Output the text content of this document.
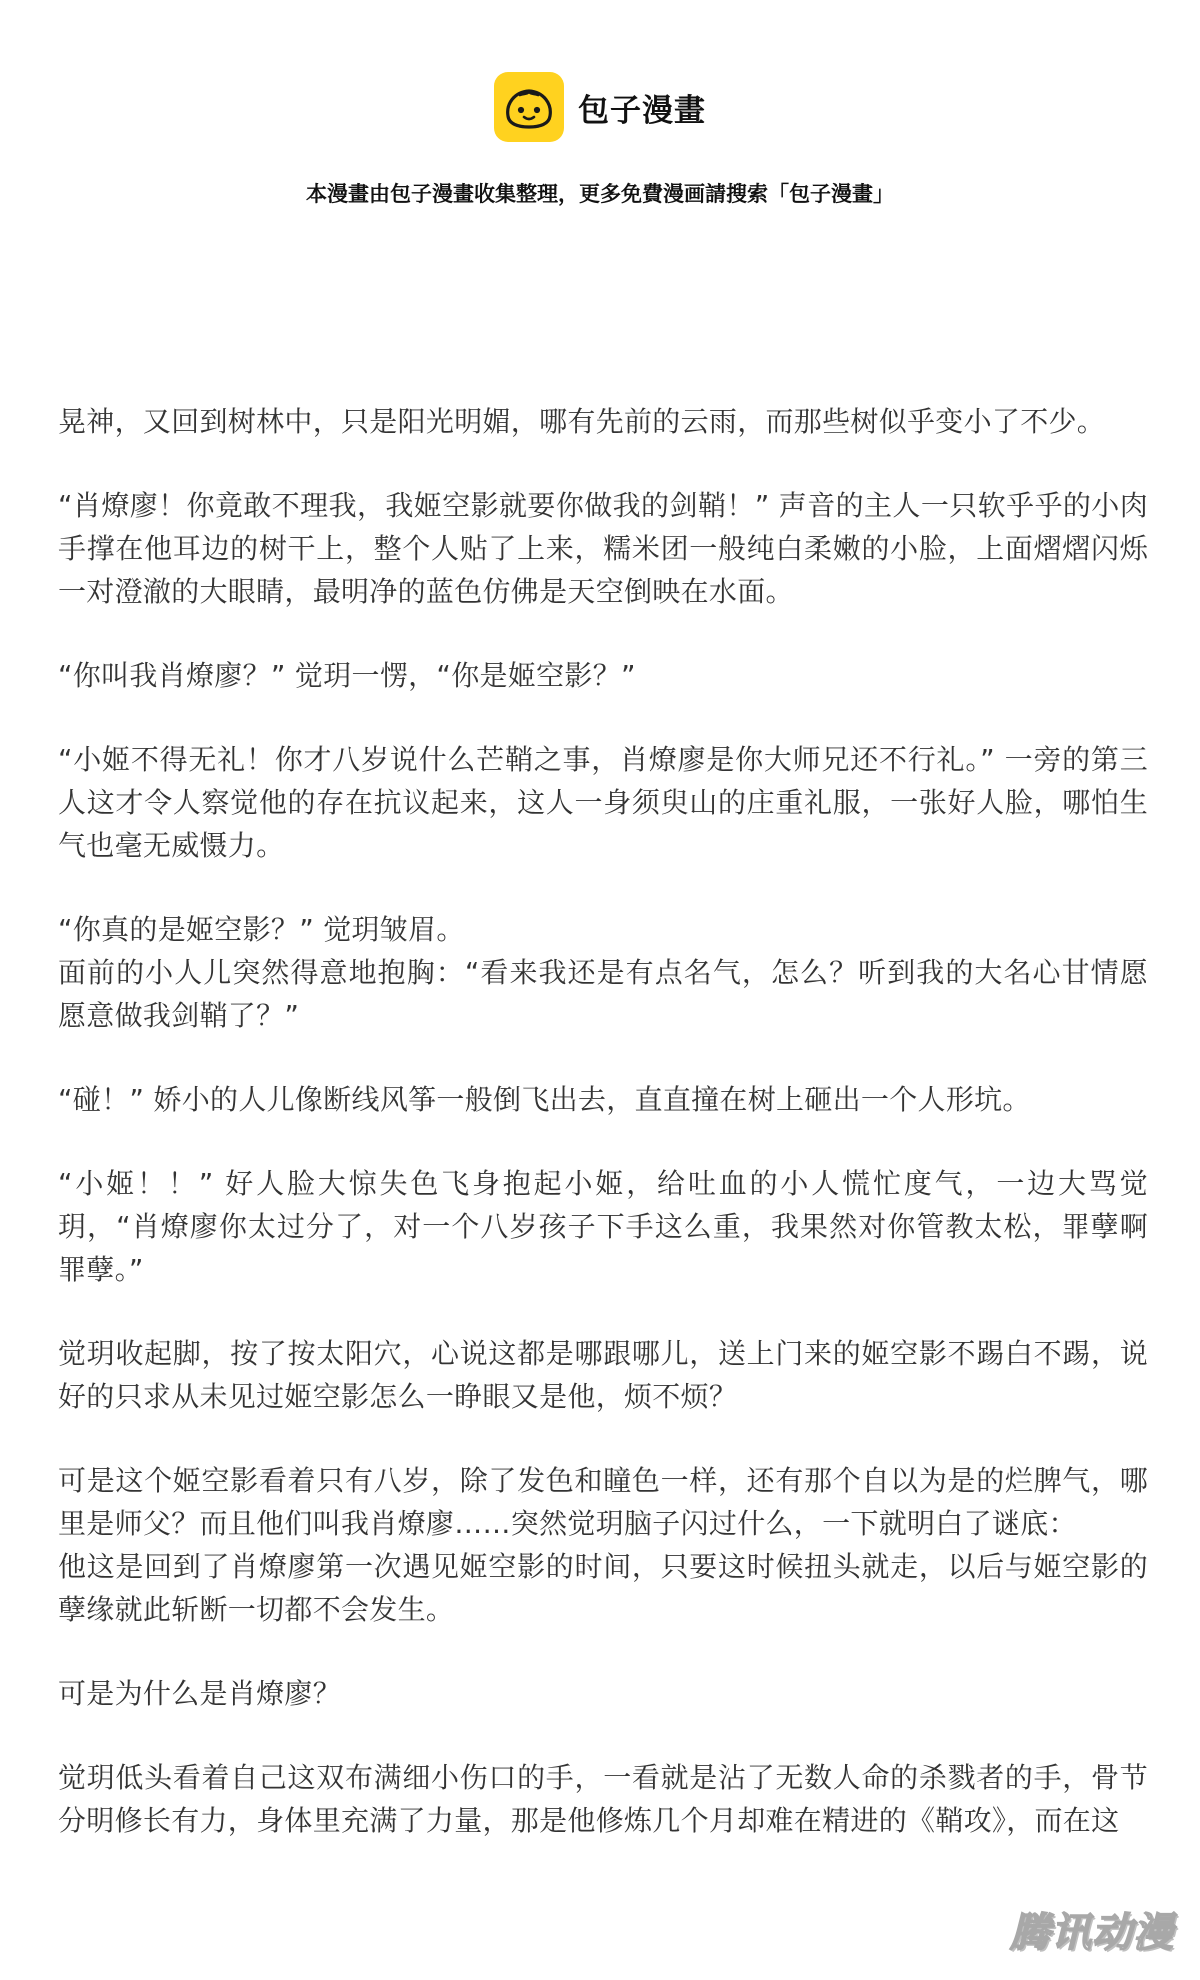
包子漫畫
本漫畫由包子漫畫收集整理，更多免費漫画請搜索「包子漫畫」

晃神，又回到树林中，只是阳光明媚，哪有先前的云雨，而那些树似乎变小了不少。

“肖燎廖！你竟敢不理我，我姬空影就要你做我的剑鞘！” 声音的主人一只软乎乎的小肉手撑在他耳边的树干上，整个人贴了上来，糯米团一般纯白柔嫩的小脸，上面熠熠闪烁一对澄澈的大眼睛，最明净的蓝色仿佛是天空倒映在水面。

“你叫我肖燎廖？” 觉玥一愣，“你是姬空影？”

“小姬不得无礼！你才八岁说什么芒鞘之事，肖燎廖是你大师兄还不行礼。” 一旁的第三人这才令人察觉他的存在抗议起来，这人一身须臾山的庄重礼服，一张好人脸，哪怕生气也毫无威慑力。

“你真的是姬空影？” 觉玥皱眉。

面前的小人儿突然得意地抱胸：“看来我还是有点名气，怎么？听到我的大名心甘情愿愿意做我剑鞘了？”

“碰！” 娇小的人儿像断线风筝一般倒飞出去，直直撞在树上砸出一个人形坑。

“小姬！！” 好人脸大惊失色飞身抱起小姬，给吐血的小人慌忙度气，一边大骂觉玥，“肖燎廖你太过分了，对一个八岁孩子下手这么重，我果然对你管教太松，罪孽啊罪孽。”

觉玥收起脚，按了按太阳穴，心说这都是哪跟哪儿，送上门来的姬空影不踢白不踢，说好的只求从未见过姬空影怎么一睁眼又是他，烦不烦？

可是这个姬空影看着只有八岁，除了发色和瞳色一样，还有那个自以为是的烂脾气，哪里是师父？而且他们叫我肖燎廖……突然觉玥脑子闪过什么，一下就明白了谜底：

他这是回到了肖燎廖第一次遇见姬空影的时间，只要这时候扭头就走，以后与姬空影的孽缘就此斩断一切都不会发生。

可是为什么是肖燎廖？

觉玥低头看着自己这双布满细小伤口的手，一看就是沾了无数人命的杀戮者的手，骨节分明修长有力，身体里充满了力量，那是他修炼几个月却难在精进的《鞘攻》，而在这

腾讯动漫
